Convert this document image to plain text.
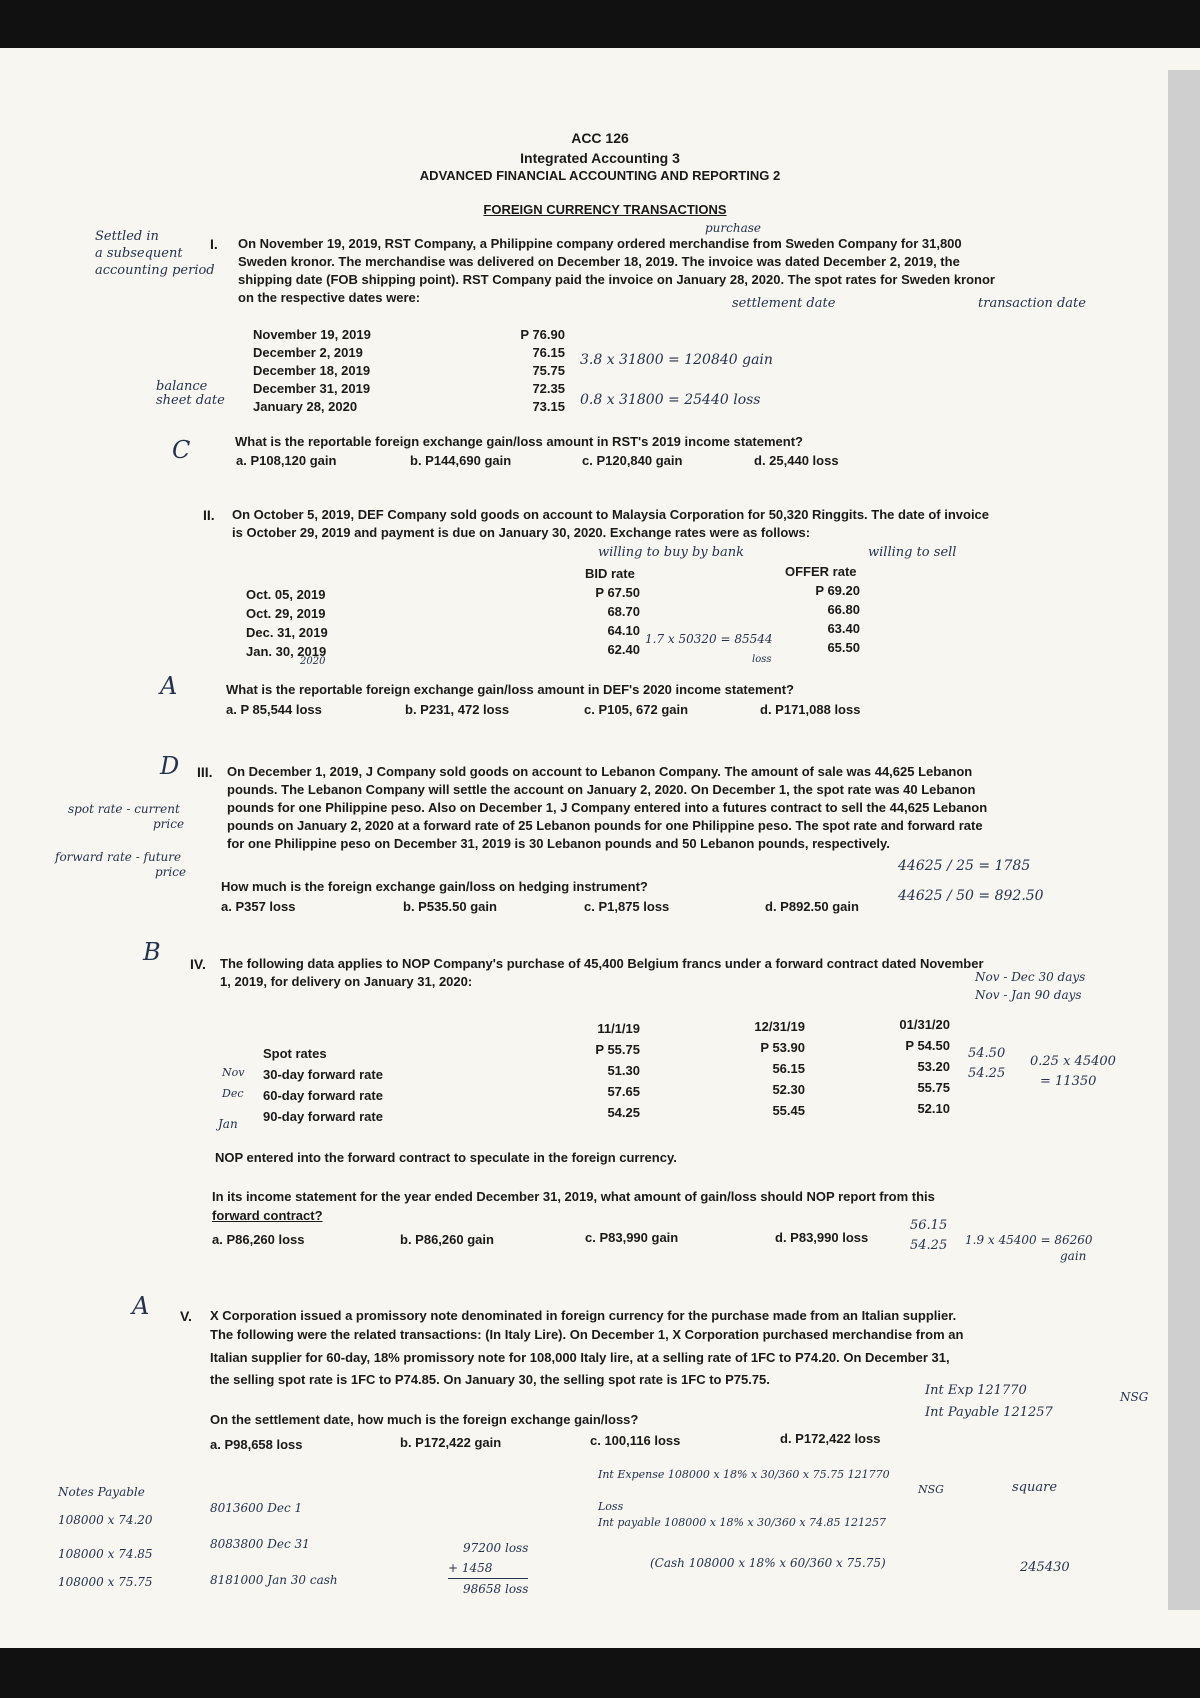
ACC 126
Integrated Accounting 3
ADVANCED FINANCIAL ACCOUNTING AND REPORTING 2
FOREIGN CURRENCY TRANSACTIONS
I. On November 19, 2019, RST Company, a Philippine company ordered merchandise from Sweden Company for 31,800
Sweden kronor. The merchandise was delivered on December 18, 2019. The invoice was dated December 2, 2019, the
shipping date (FOB shipping point). RST Company paid the invoice on January 28, 2020. The spot rates for Sweden kronor
on the respective dates were:
November 19, 2019	P 76.90
December 2, 2019	76.15
December 18, 2019	75.75
December 31, 2019	72.35
January 28, 2020	73.15
What is the reportable foreign exchange gain/loss amount in RST's 2019 income statement?
a. P108,120 gain	b. P144,690 gain	c. P120,840 gain	d. 25,440 loss
Settled in
a subsequent
accounting period
purchase
settlement date	transaction date
balance
sheet date
3.8 x 31800 = 120840 gain
0.8 x 31800 = 25440 loss
C
II. On October 5, 2019, DEF Company sold goods on account to Malaysia Corporation for 50,320 Ringgits. The date of invoice
is October 29, 2019 and payment is due on January 30, 2020. Exchange rates were as follows:
BID rate	OFFER rate
Oct. 05, 2019	P 67.50	P 69.20
Oct. 29, 2019	68.70	66.80
Dec. 31, 2019	64.10	63.40
Jan. 30, 2019	62.40	65.50
What is the reportable foreign exchange gain/loss amount in DEF's 2020 income statement?
a. P 85,544 loss	b. P231, 472 loss	c. P105, 672 gain	d. P171,088 loss
willing to buy by bank	willing to sell
2020
1.7 x 50320 = 85544
loss
A
III. On December 1, 2019, J Company sold goods on account to Lebanon Company. The amount of sale was 44,625 Lebanon
pounds. The Lebanon Company will settle the account on January 2, 2020. On December 1, the spot rate was 40 Lebanon
pounds for one Philippine peso. Also on December 1, J Company entered into a futures contract to sell the 44,625 Lebanon
pounds on January 2, 2020 at a forward rate of 25 Lebanon pounds for one Philippine peso. The spot rate and forward rate
for one Philippine peso on December 31, 2019 is 30 Lebanon pounds and 50 Lebanon pounds, respectively.
How much is the foreign exchange gain/loss on hedging instrument?
a. P357 loss	b. P535.50 gain	c. P1,875 loss	d. P892.50 gain
D
spot rate - current
price
forward rate - future
price	44625 / 25 = 1785
44625 / 50 = 892.50
IV. The following data applies to NOP Company's purchase of 45,400 Belgium francs under a forward contract dated November
1, 2019, for delivery on January 31, 2020:
11/1/19	12/31/19	01/31/20
Spot rates	P 55.75	P 53.90	P 54.50
30-day forward rate	51.30	56.15	53.20
60-day forward rate	57.65	52.30	55.75
90-day forward rate	54.25	55.45	52.10
NOP entered into the forward contract to speculate in the foreign currency.
In its income statement for the year ended December 31, 2019, what amount of gain/loss should NOP report from this
forward contract?
a. P86,260 loss	b. P86,260 gain	c. P83,990 gain	d. P83,990 loss
B
Nov - Dec 30 days
Nov - Jan 90 days
Nov
Dec
Jan
54.50
54.25
0.25 x 45400
= 11350
56.15
54.25 1.9 x 45400 = 86260
gain
V. X Corporation issued a promissory note denominated in foreign currency for the purchase made from an Italian supplier.
The following were the related transactions: (In Italy Lire). On December 1, X Corporation purchased merchandise from an
Italian supplier for 60-day, 18% promissory note for 108,000 Italy lire, at a selling rate of 1FC to P74.20. On December 31,
the selling spot rate is 1FC to P74.85. On January 30, the selling spot rate is 1FC to P75.75.
On the settlement date, how much is the foreign exchange gain/loss?
a. P98,658 loss	b. P172,422 gain	c. 100,116 loss	d. P172,422 loss
A
Int Exp 121770
Int Payable 121257
NSG
Int Expense 108000 x 18% x 30/360 x 75.75 121770
NSG	square
Loss
Int payable 108000 x 18% x 30/360 x 74.85 121257
(Cash 108000 x 18% x 60/360 x 75.75)	245430
Notes Payable
108000 x 74.20
108000 x 74.85
108000 x 75.75
8013600 Dec 1
8083800 Dec 31
8181000 Jan 30 cash
97200 loss
+ 1458
98658 loss
